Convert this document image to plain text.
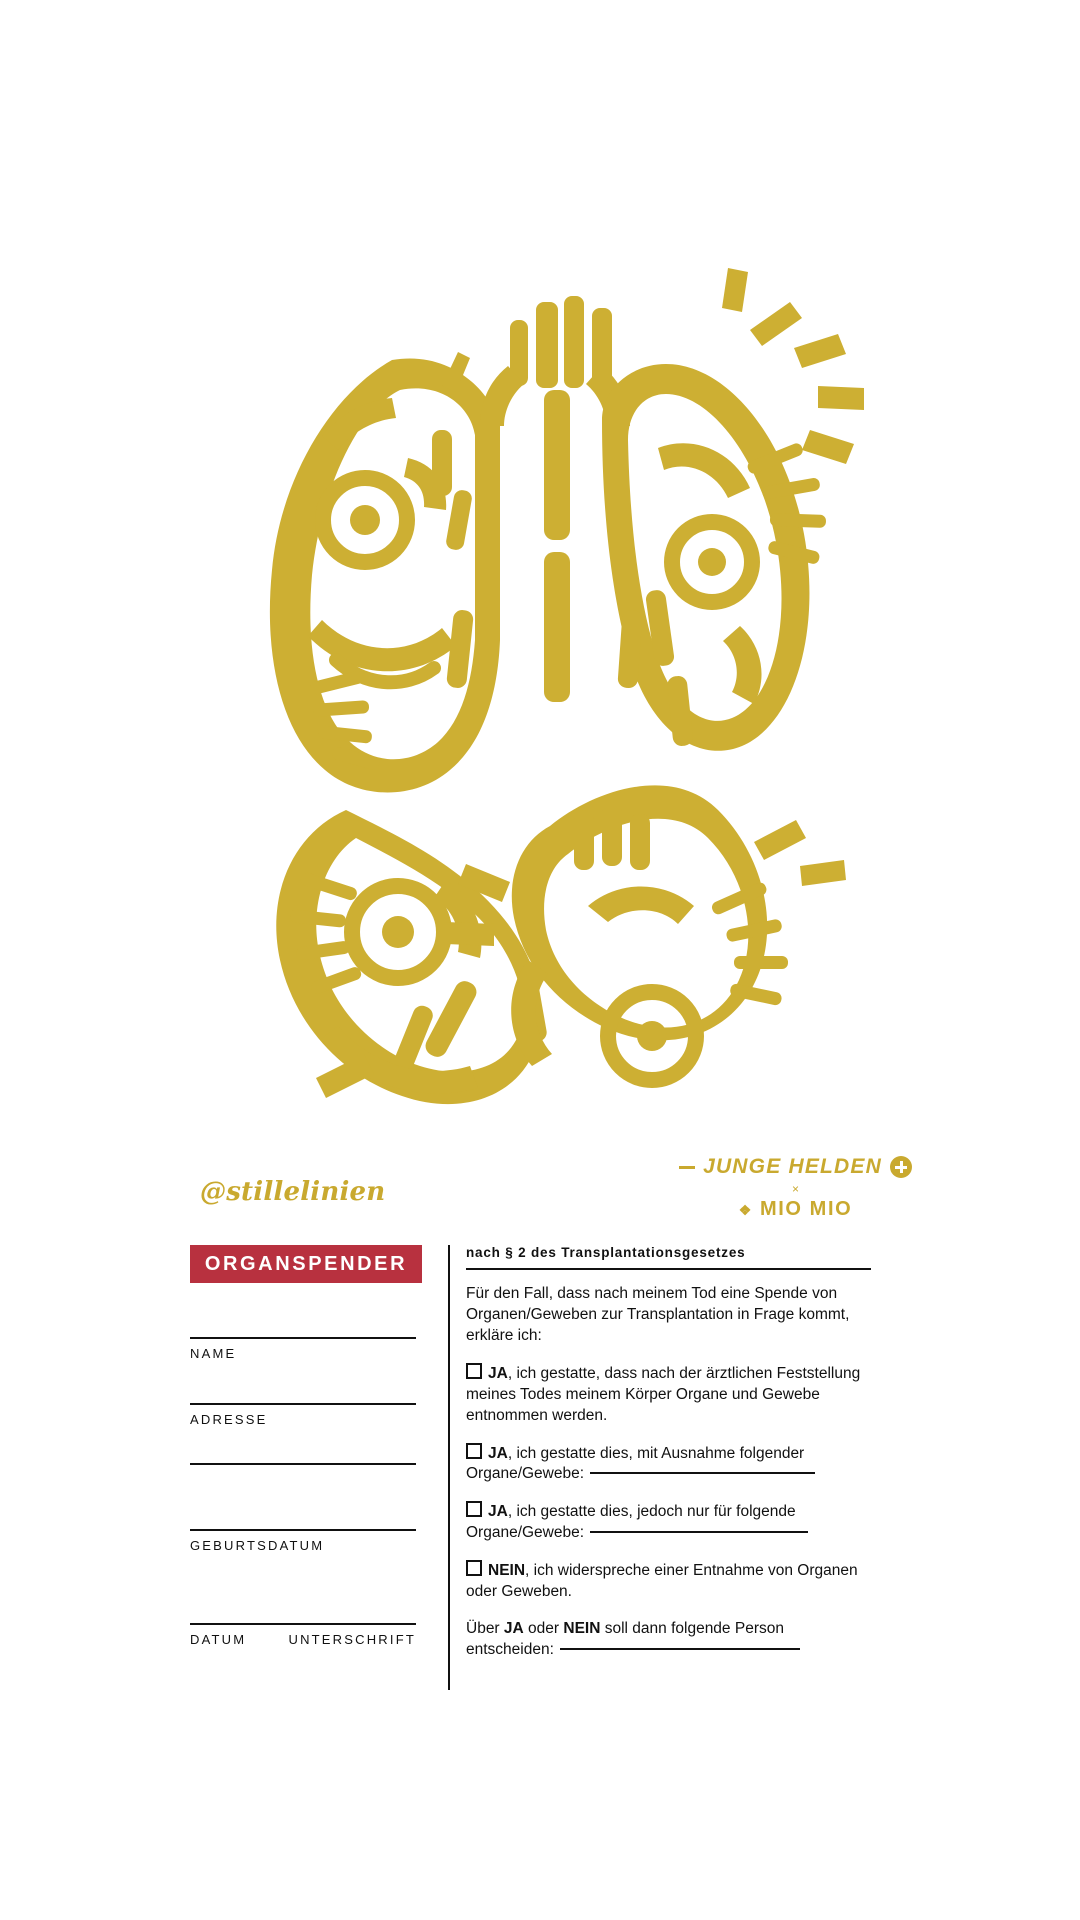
@stillelinien
JUNGE HELDEN
×
❖ MIO MIO
ORGANSPENDER
NAME
ADRESSE
GEBURTSDATUM
DATUM	UNTERSCHRIFT
nach § 2 des Transplantationsgesetzes
Für den Fall, dass nach meinem Tod eine Spende von Organen/Geweben zur Transplantation in Frage kommt, erkläre ich:
JA, ich gestatte, dass nach der ärztlichen Feststellung meines Todes meinem Körper Organe und Gewebe entnommen werden.
JA, ich gestatte dies, mit Ausnahme folgender Organe/Gewebe:
JA, ich gestatte dies, jedoch nur für folgende Organe/Gewebe:
NEIN, ich widerspreche einer Entnahme von Organen oder Geweben.
Über JA oder NEIN soll dann folgende Person entscheiden:
